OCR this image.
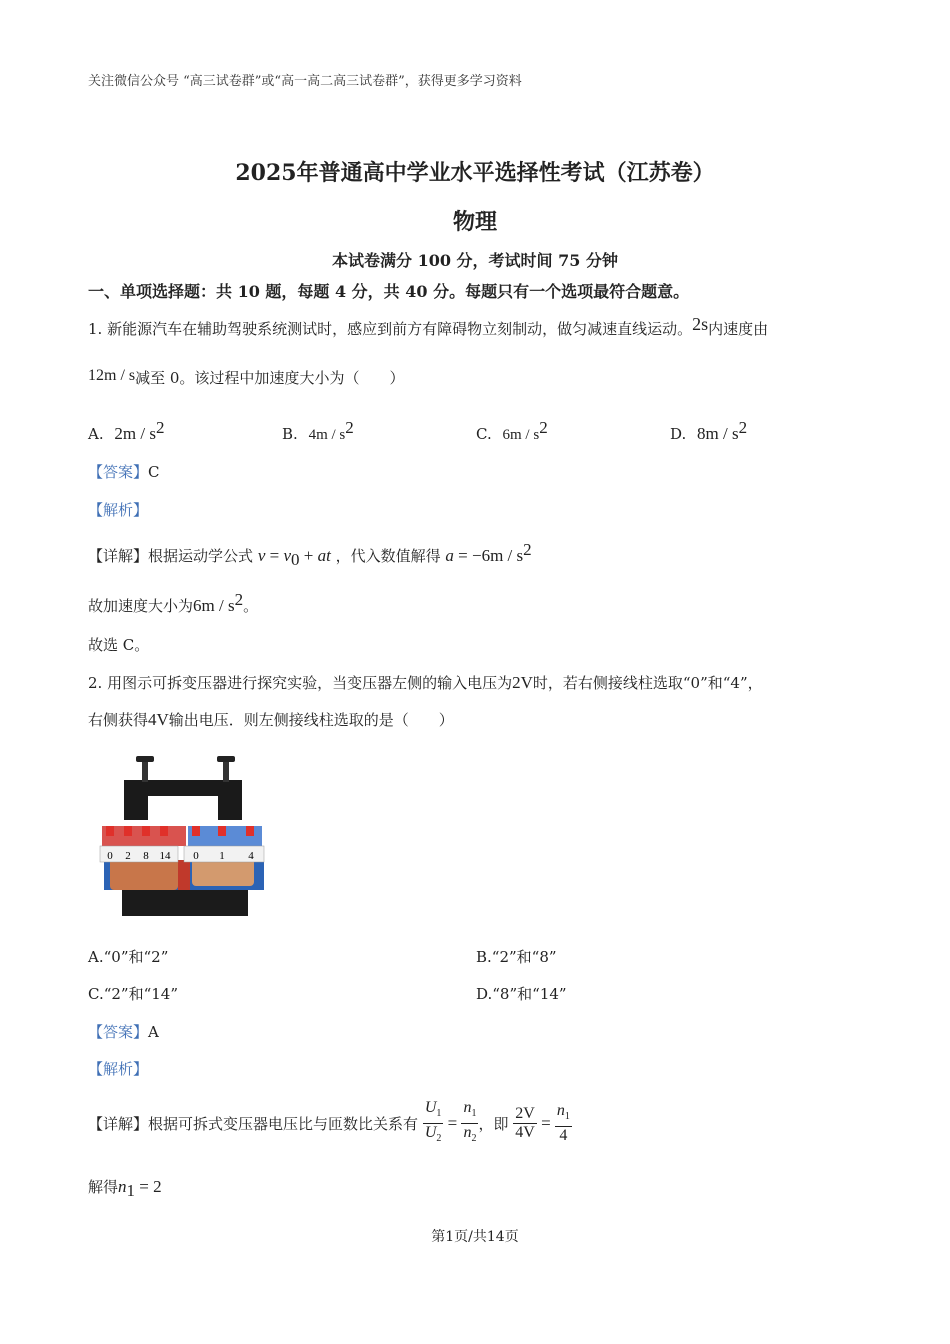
关注微信公众号 “高三试卷群”或“高一高二高三试卷群”，获得更多学习资料
2025年普通高中学业水平选择性考试（江苏卷）
物理
本试卷满分 100 分，考试时间 75 分钟
一、单项选择题：共 10 题，每题 4 分，共 40 分。每题只有一个选项最符合题意。
1. 新能源汽车在辅助驾驶系统测试时，感应到前方有障碍物立刻制动，做匀减速直线运动。2s内速度由
12m / s减至 0。该过程中加速度大小为（　　）
A. $2m / s^2$	B. $4m / s^2$	C. $6m / s^2$	D. $8m / s^2$
【答案】C
【解析】
【详解】根据运动学公式 $v = v_0$ + at ，代入数值解得 $a = -6m / s^2$
故加速度大小为$6m / s^2$。
故选 C。
2. 用图示可拆变压器进行探究实验，当变压器左侧的输入电压为2V时，若右侧接线柱选取“0”和“4”，
右侧获得4V输出电压．则左侧接线柱选取的是（　　）
0 2 8 14 0 1 4
A.“0”和“2”	B.“2”和“8”
C.“2”和“14”	D.“8”和“14”
【答案】A
【解析】
【详解】根据可拆式变压器电压比与匝数比关系有 $\frac{U_1}{U_2} = \frac{n_1}{n_2}$ ，即 $\frac{2V}{4V} = \frac{n_1}{4}$
解得$n_1 = 2$
第1页/共14页
